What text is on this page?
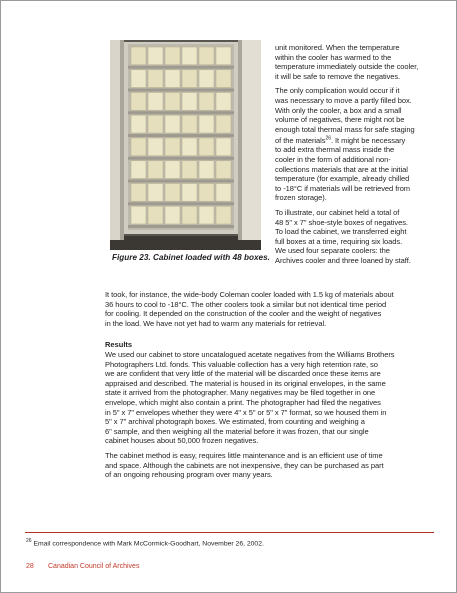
Figure 23. Cabinet loaded with 48 boxes.

unit monitored. When the temperature
within the cooler has warmed to the
temperature immediately outside the cooler,
it will be safe to remove the negatives.

The only complication would occur if it
was necessary to move a partly filled box.
With only the cooler, a box and a small
volume of negatives, there might not be
enough total thermal mass for safe staging
of the materials$^{26}$. It might be necessary
to add extra thermal mass inside the
cooler in the form of additional non-
collections materials that are at the initial
temperature (for example, already chilled
to -18°C if materials will be retrieved from
frozen storage).

To illustrate, our cabinet held a total of
48 5" x 7" shoe-style boxes of negatives.
To load the cabinet, we transferred eight
full boxes at a time, requiring six loads.
We used four separate coolers: the
Archives cooler and three loaned by staff.

It took, for instance, the wide-body Coleman cooler loaded with 1.5 kg of materials about
36 hours to cool to -18°C. The other coolers took a similar but not identical time period
for cooling. It depended on the construction of the cooler and the weight of negatives
in the load. We have not yet had to warm any materials for retrieval.

Results

We used our cabinet to store uncatalogued acetate negatives from the Williams Brothers
Photographers Ltd. fonds. This valuable collection has a very high retention rate, so
we are confident that very little of the material will be discarded once these items are
appraised and described. The material is housed in its original envelopes, in the same
state it arrived from the photographer. Many negatives may be filed together in one
envelope, which might also contain a print. The photographer had filed the negatives
in 5" x 7" envelopes whether they were 4" x 5" or 5" x 7" format, so we housed them in
5" x 7" archival photograph boxes. We estimated, from counting and weighing a
6" sample, and then weighing all the material before it was frozen, that our single
cabinet houses about 50,000 frozen negatives.

The cabinet method is easy, requires little maintenance and is an efficient use of time
and space. Although the cabinets are not inexpensive, they can be purchased as part
of an ongoing rehousing program over many years.

$^{26}$ Email correspondence with Mark McCormick-Goodhart, November 26, 2002.
28 Canadian Council of Archives
